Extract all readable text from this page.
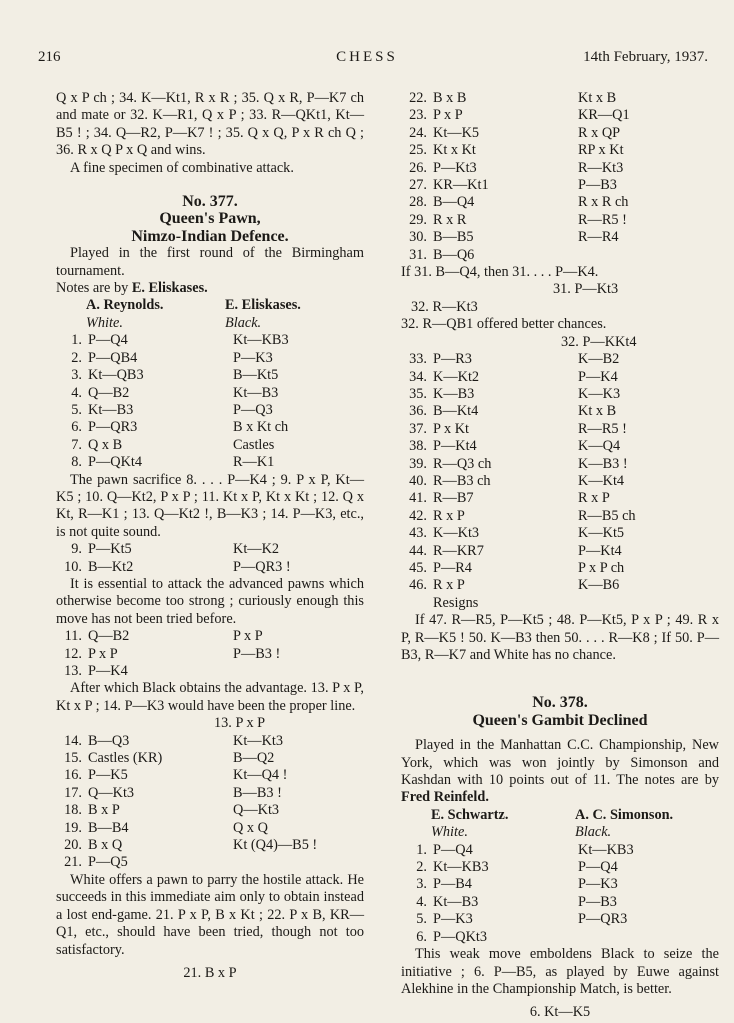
216	CHESS	14th February, 1937.
Q x P ch ; 34. K—Kt1, R x R ; 35. Q x R, P—K7 ch and mate or 32. K—R1, Q x P ; 33. R—QKt1, Kt—B5 ! ; 34. Q—R2, P—K7 ! ; 35. Q x Q, P x R ch Q ; 36. R x Q P x Q and wins.
A fine specimen of combinative attack.
No. 377.
Queen's Pawn,
Nimzo-Indian Defence.
Played in the first round of the Birmingham tournament.
Notes are by E. Eliskases.
A. Reynolds.	E. Eliskases.
White.	Black.
1. P—Q4	Kt—KB3
2. P—QB4	P—K3
3. Kt—QB3	B—Kt5
4. Q—B2	Kt—B3
5. Kt—B3	P—Q3
6. P—QR3	B x Kt ch
7. Q x B	Castles
8. P—QKt4	R—K1
The pawn sacrifice 8. . . . P—K4 ; 9. P x P, Kt—K5 ; 10. Q—Kt2, P x P ; 11. Kt x P, Kt x Kt ; 12. Q x Kt, R—K1 ; 13. Q—Kt2 !, B—K3 ; 14. P—K3, etc., is not quite sound.
9. P—Kt5	Kt—K2
10. B—Kt2	P—QR3 !
It is essential to attack the advanced pawns which otherwise become too strong ; curiously enough this move has not been tried before.
11. Q—B2	P x P
12. P x P	P—B3 !
13. P—K4
After which Black obtains the advantage. 13. P x P, Kt x P ; 14. P—K3 would have been the proper line.
13. P x P
14. B—Q3	Kt—Kt3
15. Castles (KR)	B—Q2
16. P—K5	Kt—Q4 !
17. Q—Kt3	B—B3 !
18. B x P	Q—Kt3
19. B—B4	Q x Q
20. B x Q	Kt (Q4)—B5 !
21. P—Q5
White offers a pawn to parry the hostile attack. He succeeds in this immediate aim only to obtain instead a lost end-game. 21. P x P, B x Kt ; 22. P x B, KR—Q1, etc., should have been tried, though not too satisfactory.
21. B x P
22. B x B	Kt x B
23. P x P	KR—Q1
24. Kt—K5	R x QP
25. Kt x Kt	RP x Kt
26. P—Kt3	R—Kt3
27. KR—Kt1	P—B3
28. B—Q4	R x R ch
29. R x R	R—R5 !
30. B—B5	R—R4
31. B—Q6
If 31. B—Q4, then 31. . . . P—K4.
31. P—Kt3
32. R—Kt3
32. R—QB1 offered better chances.
32. P—KKt4
33. P—R3	K—B2
34. K—Kt2	P—K4
35. K—B3	K—K3
36. B—Kt4	Kt x B
37. P x Kt	R—R5 !
38. P—Kt4	K—Q4
39. R—Q3 ch	K—B3 !
40. R—B3 ch	K—Kt4
41. R—B7	R x P
42. R x P	R—B5 ch
43. K—Kt3	K—Kt5
44. R—KR7	P—Kt4
45. P—R4	P x P ch
46. R x P	K—B6
Resigns
If 47. R—R5, P—Kt5 ; 48. P—Kt5, P x P ; 49. R x P, R—K5 ! 50. K—B3 then 50. . . . R—K8 ; If 50. P—B3, R—K7 and White has no chance.
No. 378.
Queen's Gambit Declined
Played in the Manhattan C.C. Championship, New York, which was won jointly by Simonson and Kashdan with 10 points out of 11. The notes are by Fred Reinfeld.
E. Schwartz.	A. C. Simonson.
White.	Black.
1. P—Q4	Kt—KB3
2. Kt—KB3	P—Q4
3. P—B4	P—K3
4. Kt—B3	P—B3
5. P—K3	P—QR3
6. P—QKt3
This weak move emboldens Black to seize the initiative ; 6. P—B5, as played by Euwe against Alekhine in the Championship Match, is better.
6. Kt—K5
